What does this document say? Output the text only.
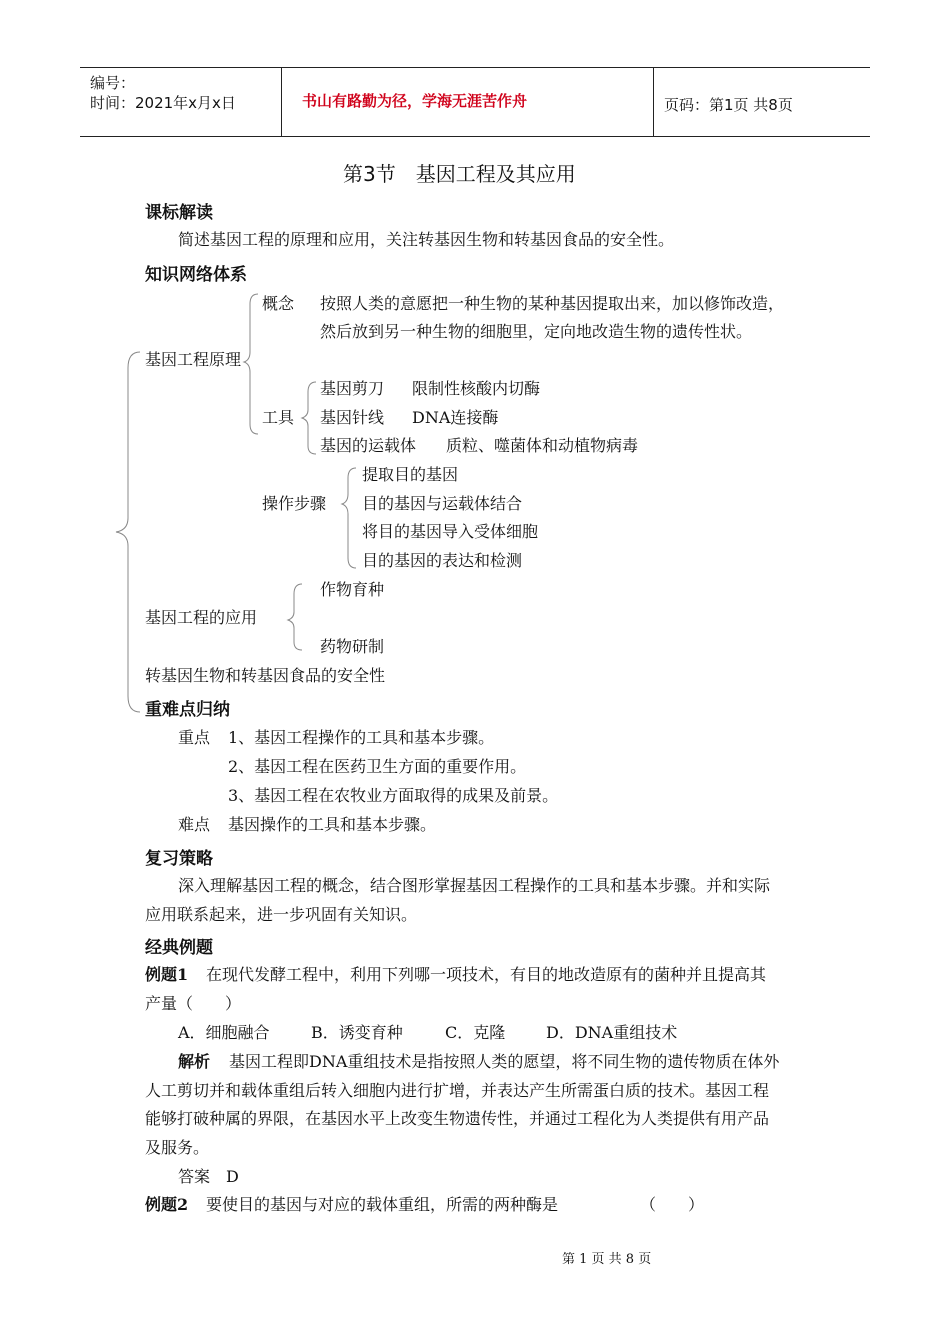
编号：
时间：2021年x月x日	书山有路勤为径，学海无涯苦作舟	页码：第1页 共8页
第3节　基因工程及其应用
课标解读
简述基因工程的原理和应用，关注转基因生物和转基因食品的安全性。
知识网络体系
基因工程原理
概念 按照人类的意愿把一种生物的某种基因提取出来，加以修饰改造，
然后放到另一种生物的细胞里，定向地改造生物的遗传性状。
工具
基因剪刀 限制性核酸内切酶
基因针线 DNA连接酶
基因的运载体 质粒、噬菌体和动植物病毒
操作步骤
提取目的基因
目的基因与运载体结合
将目的基因导入受体细胞
目的基因的表达和检测
基因工程的应用
作物育种
药物研制
转基因生物和转基因食品的安全性
重难点归纳
重点 1、基因工程操作的工具和基本步骤。
2、基因工程在医药卫生方面的重要作用。
3、基因工程在农牧业方面取得的成果及前景。
难点 基因操作的工具和基本步骤。
复习策略
深入理解基因工程的概念，结合图形掌握基因工程操作的工具和基本步骤。并和实际
应用联系起来，进一步巩固有关知识。
经典例题
例题1 在现代发酵工程中，利用下列哪一项技术，有目的地改造原有的菌种并且提高其
产量（　　）
A．细胞融合	B．诱变育种	C．克隆	D．DNA重组技术
解析 基因工程即DNA重组技术是指按照人类的愿望，将不同生物的遗传物质在体外
人工剪切并和载体重组后转入细胞内进行扩增，并表达产生所需蛋白质的技术。基因工程
能够打破种属的界限，在基因水平上改变生物遗传性，并通过工程化为人类提供有用产品
及服务。
答案　D
例题2 要使目的基因与对应的载体重组，所需的两种酶是	（　　）
第 1 页 共 8 页
